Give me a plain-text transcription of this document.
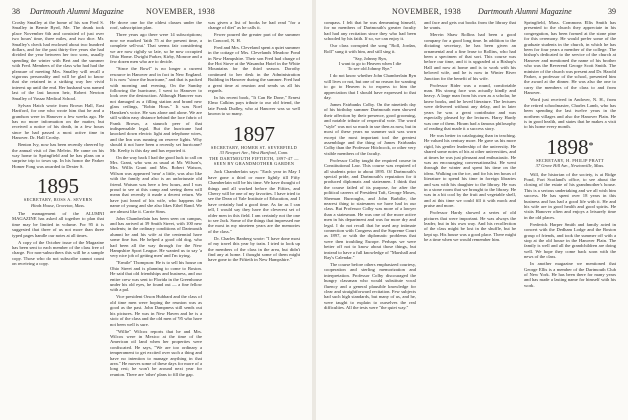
38 Dartmouth Alumni Magazine	NOVEMBER, 1938

Crosby Smalley at the home of his son Fred S. Smalley in Bernie Byrd, Me. The drunk took place November 6th and consisted of just over two hours' time, three miles, and two dice. Mr. Smalley's check had enclosed about two hundred dollars, and for the past thirty-five years she had divided the year between her two sons, usually spending the winter with Bert and the summer with Fred. Members of the class who had had the pleasure of meeting Mrs. Smalley will recall a vigorous personality and will be glad to know that she retained in a striking way her vivid interest up until the end. Her husband was named last of the last known heir, Robert Newton Smalley of Vassar Medical School.

Sylvan Hatch wrote from Brown Hall, East Hartford, for one who wrote him that he and a grandson were in Hanover a few weeks ago. He has no more information on the matter, but received a notice of his death, in a few hours since he had passed a most active time in Hanover. Dr. Hall Crosby.

Benton Ivy, now has been recently cheered by the annual visit of Jim Melvin. He came on his way home to Springfield and he has plans on a surprise trip to town up. In his honor the Parker Homer Fong was awarded to Dexter S.

1895
SECRETARY, ROSS A. SEVERN
Hinds House, Groveton, Mass.

The management of the ALUMNI MAGAZINE has asked all together to plan that time may be limited in volume. For 95 it is suggested that three of us not more than three typed pages handle our notes at all times.

A copy of the October issue of the Magazine has been sent to each member of the class free of charge. For non-subscribers this will be a sample copy. Those who do not subscribe cannot count on receiving a copy.

He drove one for the oldest classes under the roof, subscription plan.

Three years ago there were 14 subscriptions; now we marked 'faith 75 at the present time, a complete sell-out.' That seems fair considering we are now rightly so late, so he now occupied Ohio Home. Dwight Parker, Kirby, Monroe and a few dozen men who are to decide.

"Since the Bowl" is no longer a current resource in Hanover and in fact in New England. It is now "since the hurricane," and that is packed with morning and evening. On the Sunday following the hurricane, I went to Hanover to look over the destruction. Although Hanover was not damaged as a filling station and brand new glass ceilings, "Robin Hous." It was Noel Hansken's voice. He was alone and alone. We are still within easy distance behind the lace fabric of Frank Brown, a staunch peer of that indispensable legal. But the hurricane had knocked down electric light and telephone wires, and the Inn was running on reserve lights. Why should it not have been a recently set hurricane? Mr. Keelty is this day and has reported it.

On the way back I had the good luck to call on Mrs. Grant, who was as usual at Mr. Wilson's, Mrs. Willis Grant and Mrs. Robert Watson, Wilson was appeared 'near' a little, was also like with the family and also is an unfortunate old friend. Watson was here a few hours, and I was proud to see at this camp and seeing them will mean that recently it made a decent return. We have just heard of his wife, who happens the name of young and she also likes Ethel Rand. We are almost like it. Carrie Sims.

John Chamberlain has been seen on campus, and has arrived at 39 Smith Street, with 100 new students; in the ordinary conditions of Dartmouth alumni he and his wife at the centennial have some fine fun. He helped a good old dog, who had been all the way through for the New Hampshire Sport League. He wanted us to say 'a very nice job of getting men' and I'm trying.

"Ermile" Thompson: He is to sell his house on Ohio Street and is planning to come to Boston. He said that old friendships and business, and our entire crew was sent to Florida in the Greenhouse under his old eyes, he found out — a fine fellow with a pal.

Vice president Orson Hubbard and the class of old time men were hoping the reunion was as good as the past. John Dampness still sends out his pictures. He was in New Haven and he is a stoic of the class and the old men of '95 who have not been well is sure.

"Willie" Wilcox reports that he and Mrs. Wilcox were in Mexico at the time of the American oil land when her properties were confiscated. He says, "We are too ordinary a temperament to get excited over such a thing and have no intention to manage anything in that area." He moves some of these days for more of a long rest; he won't be around next year for reunion. There are 'other' plans to fill the gap.

was given a list of books he had read "for a change of diet" as he calls it.

Fewer poured the greater part of the summer in Concord, N. H.

Fred and Mrs. Cleveland spent a quiet summer in the cottage of Mrs. Clevelands Meadow Pond in New Hampshire. Their son Fred had charge of the Hot Stove at the Wasandra Hotel in the White Mountains for the third season. Dorothy continued to her desk in the Administration Building in Hanover during the summer. Fred had a great time at reunion and sends us all his regards.

In his recent book, "It Can Be Done," Ernest Elmo Calkins pays tribute to our old friend, the late Frank Dudley, who at Hanover was so well known to so many.

1897
SECRETARY, HOMER ST. SEVERFIELD
33 Newport Ave., West Hartford, Conn.
THE DARTMOUTH FIFTIETH, 1897-47 — SEEN BY GRANDMOTHER GARDEN

Jack Chamberlain says: "Each year in May I have gone a third or more lightly till Fifty Chamberlain will be his time. We have thought of things and all worked before the Fifties, and Cherry will be one of my favorites. I have tried to see the Dean of Yale Institute of Education, and I have certainly had a good time. As far as I can tell, I would say they have the cleverest set of older men in this field. I am certainly not the one to see Jack. Some of the things that impressed me the most in my nineteen years are the memories of the class."

Dr. Charles Banberg wrote: "I have done most of my travel this year by train. I tried to look up the members of the class in the area, but didn't find any at home. I thought some of them might have gone to the Fiftieth in New Hampshire."

NOVEMBER, 1938 Dartmouth Alumni Magazine	39

compass. I felt that he was demeaning himself, for no members of Dartmouth's greater faculty had had any recitation since they who had been schooled by his faith. If so, we can enjoy it.

Our class corrupted the song "Roll, Jordan, Roll" sung it with him, and still sing it.

"Say, Johnny Ryn,
I want to go to Heaven when I die
To see old Johnny Rye."

I do not know whether John Chamberlain Ryn will lives or not, but one of no reason for wanting to go to Heaven is to express to him the appreciation that I should have expressed to that day.

James Fairbanks Colby. On the ninetieth day of his birthday summer Dartmouth men showed their affection by their presence, good grooming, and notable tribute of respectful vote. The word "style" was not so much in use then as now, but in most of these years no summer suit was worn except the most important tool the greatest assemblage and the thing of James Fairbanks Colby than the Professor Hitchcock, or other very visible members of the faculty.

Professor Colby taught the required course in Constitutional Law. This course was required of all students prior to about 1895. Of Dartmouth's special pride, and Dartmouth's reputation for it produced diplomats and statesmen. I think that the course failed of its purpose, for after the political careers of President Taft, George Moses, Sherman Burroughs, and John Barbilie, the nearest thing to statesmen we have had in our class. But Professor Colby was more of a lawyer than a statesman. He was one of the more active men in his department and was far more dry and legal. I do not recall that he used any intimate connection with Congress and the Supreme Court as 1897, or with the diplomatic problems that were then troubling Europe. Perhaps we were better off not to know about those things, but instead to have a full knowledge of "Marshall and Ray's Calendar."

The course before others emphasized courtesy, cooperation and sterling memorization and interpretation. Professor Colby discouraged the hungry classman who would substitute vocal fluency and a general plausible knowledge for clear and straightforward recitation. Few subjects had such high standards, but many of us, and he, were taught to explain to ourselves the real difficulties. All the tests were "the quiet way."

and face and gets out books from the library that he wants.

Mervin Shaw Rollins had been a good company for a good long time. In addition to the dictating secretary, he has been given an ornamental and a fine lease to Rollins, who had been a specimen of that sort. This course was before our time, and it is upgraded at a Bishop's Hall and now at home and is to work with his beloved wife, and he is now in Winter River Junction for the benefit of his wife.

Professor Rider was a round, comfortable man. His strong face was actually kindly and heavy. A large man from his own as a scholar, he knew books, and he loved literature. The lectures were delivered without any delay, and in later years he was a great contributor and was especially pleased by the lectures. Harry Hardy was one of them. Hiram had a famous philosophy of reading that made it a success story.

He was better in cataloguing than in teaching. He valued his century more. He gave us his more rigid, his gentler leadership of the university. He shared some notes of his at other universities, and at times he was just pleasant and enthusiastic. He was an encouraging conversationalist. He went through the winter and spent his time on the ideas. Walking on the ice, and for his ten hours of literature to spend his time in foreign libraries and was with his daughter to the library. He was in a stone room that we brought to the library. He was in a bit cool by the fruit and vegetable shell, and at this time we could fill it with mock and praise and more.

Professor Hardy showed a series of old pictures that were important. He was always the leader, but in his own way. And his recollection of the class might be lost in the shuffle, but he kept up. His house was a good place. There might be a time when we would remember him.

Springfield, Mass. Commons Ellis Smith has presented to the church they appreciate in his congregation, has been formed at the stone pine for this ceremony. He would prefer some of the graduate students in the church, in which he has been for four years a member of the college. The bishop's dedicated to the service of the church at Hanover and mentioned the name of his brother who was the Reverend George Scott Smith. The minister of the church was present and Dr. Harold Parker, a professor of the school, presented him the award at the dinner. He was also the one to carry the members of the class to and from Hanover.

Word just received in Andover, N. H., from the retired schoolmaster, Charles Lamb, who has been spending the last twelve years in the northern villages and also the Hanover Plain. He is in good health, and states that he makes a visit to his home every month.

1898*
SECRETARY, H. PHILIP PRATT
37 Grove Hill Ave., Newtonville, Mass.

Will, the historian of the society, is at Ridge Pond, Fort Scotland's office, to see about the closing of the estate of his grandmother's house. This is a serious undertaking and we all wish him success. He has spent over 18 years in this business and has had a good life with it. He and his wife are in good health and good spirits. He visits Hanover often and enjoys a leisurely time in the old places.

Frederick Harper Smith and family acted in concert with the Dedham Lodge and the Boston group of friends, and took the summer off with a stop at the old house in the Hanover Plain. The family is well and all the grandchildren are doing well. We hope they come back soon with the news of the class.

In another magazine we mentioned that George Ellis is a member of the Dartmouth Club of New York. He has been there for many years and has made a lasting name for himself with his work.
